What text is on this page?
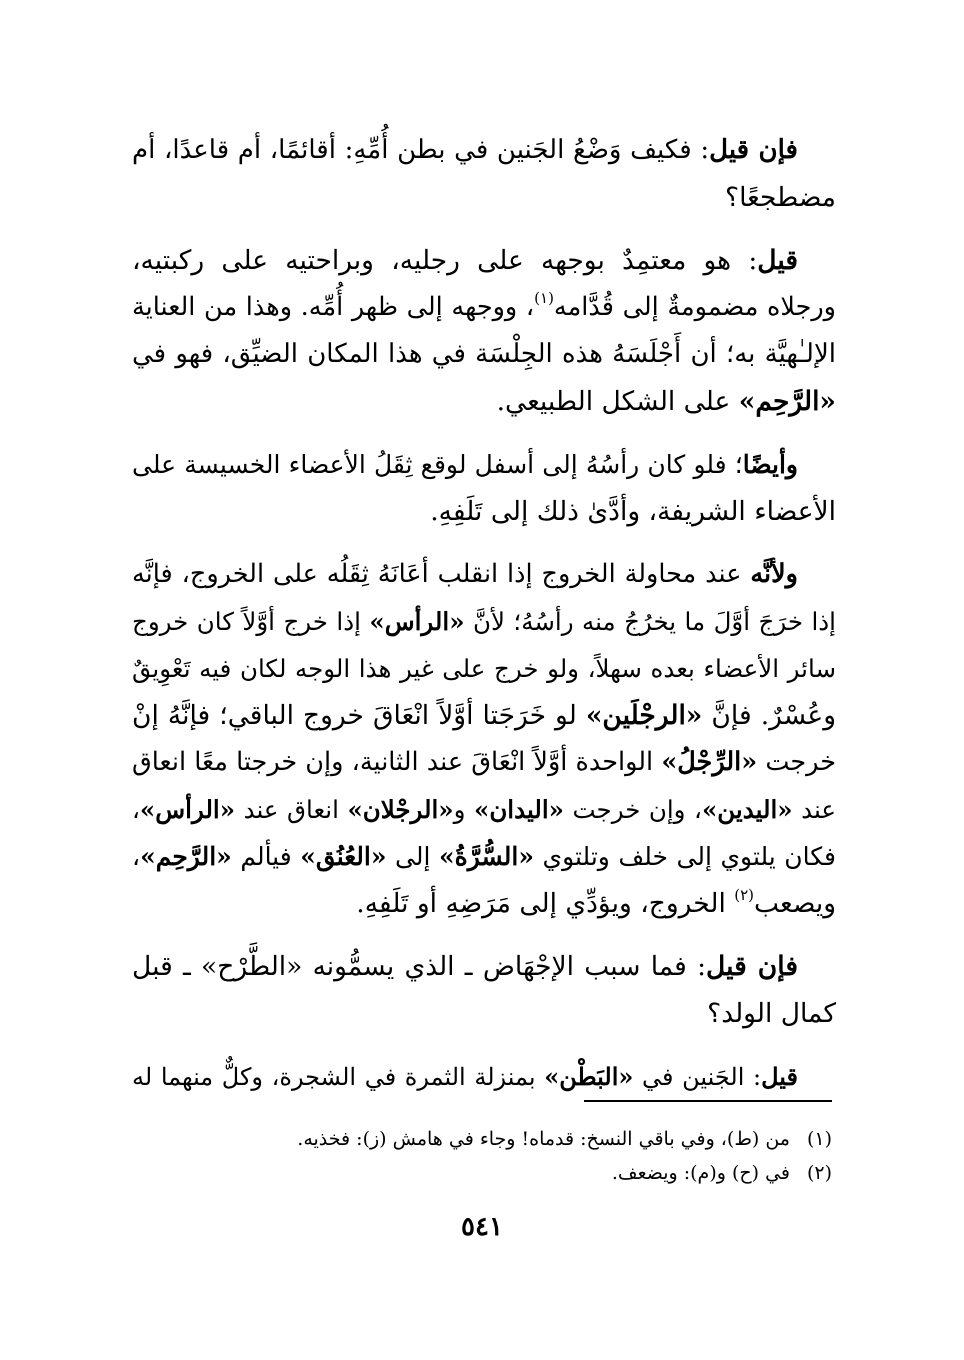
فإن قيل: فكيف وَضْعُ الجَنين في بطن أُمِّهِ: أقائمًا، أم قاعدًا، أم
مضطجعًا؟
قيل: هو معتمِدٌ بوجهه على رجليه، وبراحتيه على ركبتيه،
ورجلاه مضمومةٌ إلى قُدَّامه$^{(١)}$، ووجهه إلى ظهر أُمِّه. وهذا من العناية
الإلـٰهيَّة به؛ أن أَجْلَسَهُ هذه الجِلْسَة في هذا المكان الضيِّق، فهو في
«الرَّحِم» على الشكل الطبيعي.
وأيضًا؛ فلو كان رأسُهُ إلى أسفل لوقع ثِقَلُ الأعضاء الخسيسة على
الأعضاء الشريفة، وأدَّىٰ ذلك إلى تَلَفِهِ.
ولأنَّه عند محاولة الخروج إذا انقلب أعَانَهُ ثِقَلُه على الخروج، فإنَّه
إذا خرَجَ أوَّلَ ما يخرُجُ منه رأسُهُ؛ لأنَّ «الرأس» إذا خرج أوَّلاً كان خروج
سائر الأعضاء بعده سهلاً، ولو خرج على غير هذا الوجه لكان فيه تَعْوِيقٌ
وعُسْرٌ. فإنَّ «الرجْلَين» لو خَرَجَتا أوَّلاً انْعَاقَ خروج الباقي؛ فإنَّهُ إنْ
خرجت «الرِّجْلُ» الواحدة أوَّلاً انْعَاقَ عند الثانية، وإن خرجتا معًا انعاق
عند «اليدين»، وإن خرجت «اليدان» و«الرجْلان» انعاق عند «الرأس»،
فكان يلتوي إلى خلف وتلتوي «السُّرَّةُ» إلى «العُنُق» فيألم «الرَّحِم»،
ويصعب$^{(٢)}$ الخروج، ويؤدِّي إلى مَرَضِهِ أو تَلَفِهِ.
فإن قيل: فما سبب الإجْهَاض ـ الذي يسمُّونه «الطَّرْح» ـ قبل
كمال الولد؟
قيل: الجَنين في «البَطْن» بمنزلة الثمرة في الشجرة، وكلٌّ منهما له
(١)من (ط)، وفي باقي النسخ: قدماه! وجاء في هامش (ز): فخذيه.
(٢)في (ح) و(م): ويضعف.
٥٤١
